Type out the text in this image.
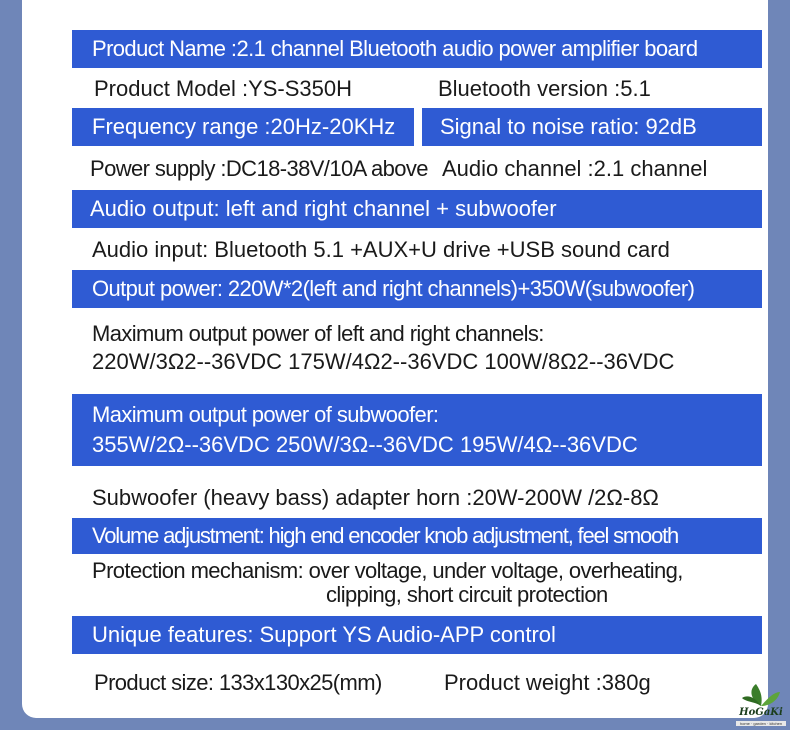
Product Name :2.1 channel Bluetooth audio power amplifier board
Product Model :YS-S350H	Bluetooth version :5.1
Frequency range :20Hz-20KHz Signal to noise ratio: 92dB
Power supply :DC18-38V/10A above Audio channel :2.1 channel
Audio output: left and right channel + subwoofer
Audio input: Bluetooth 5.1 +AUX+U drive +USB sound card
Output power: 220W*2(left and right channels)+350W(subwoofer)
Maximum output power of left and right channels:
220W/3Ω2--36VDC 175W/4Ω2--36VDC 100W/8Ω2--36VDC
Maximum output power of subwoofer:
355W/2Ω--36VDC 250W/3Ω--36VDC 195W/4Ω--36VDC
Subwoofer (heavy bass) adapter horn :20W-200W /2Ω-8Ω
Volume adjustment: high end encoder knob adjustment, feel smooth
Protection mechanism: over voltage, under voltage, overheating,
clipping, short circuit protection
Unique features: Support YS Audio-APP control
Product size: 133x130x25(mm)	Product weight :380g
HoGaKi
home · garden · kitchen
